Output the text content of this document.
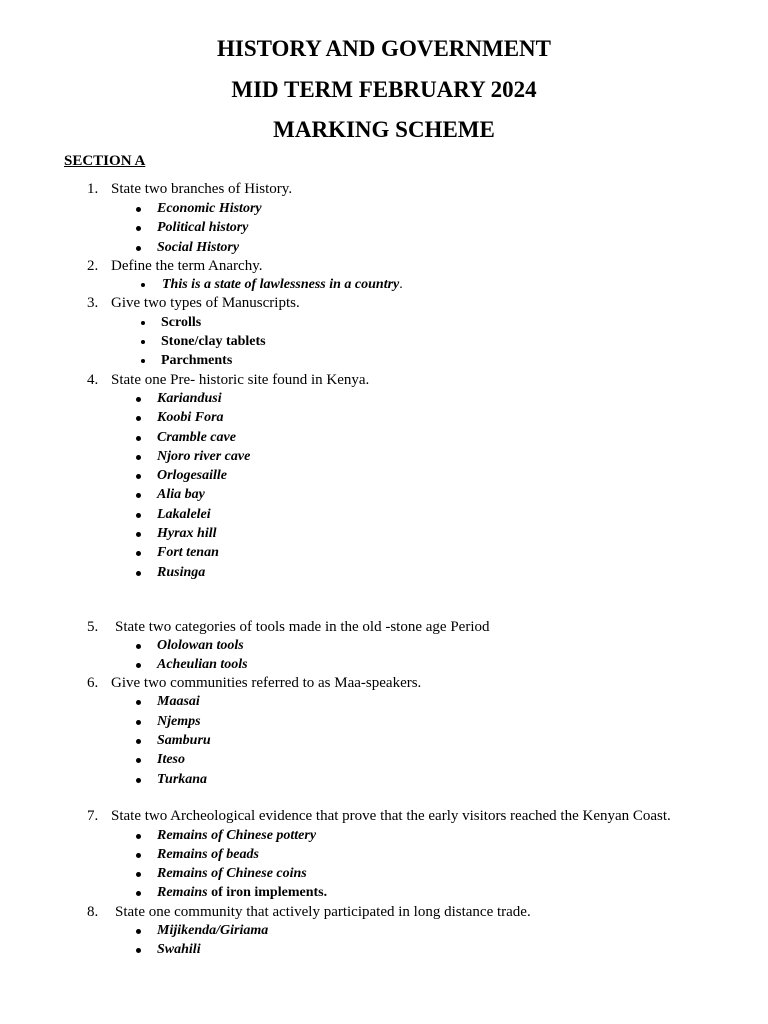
HISTORY AND GOVERNMENT
MID TERM FEBRUARY 2024
MARKING SCHEME
SECTION A
1. State two branches of History.
Economic History
Political history
Social History
2. Define the term Anarchy.
This is a state of lawlessness in a country.
3. Give two types of Manuscripts.
Scrolls
Stone/clay tablets
Parchments
4. State one Pre- historic site found in Kenya.
Kariandusi
Koobi Fora
Cramble cave
Njoro river cave
Orlogesaille
Alia bay
Lakalelei
Hyrax hill
Fort tenan
Rusinga
5. State two categories of tools made in the old -stone age Period
Ololowan tools
Acheulian tools
6. Give two communities referred to as Maa-speakers.
Maasai
Njemps
Samburu
Iteso
Turkana
7. State two Archeological evidence that prove that the early visitors reached the Kenyan Coast.
Remains of Chinese pottery
Remains of beads
Remains of Chinese coins
Remains of iron implements.
8. State one community that actively participated in long distance trade.
Mijikenda/Giriama
Swahili
